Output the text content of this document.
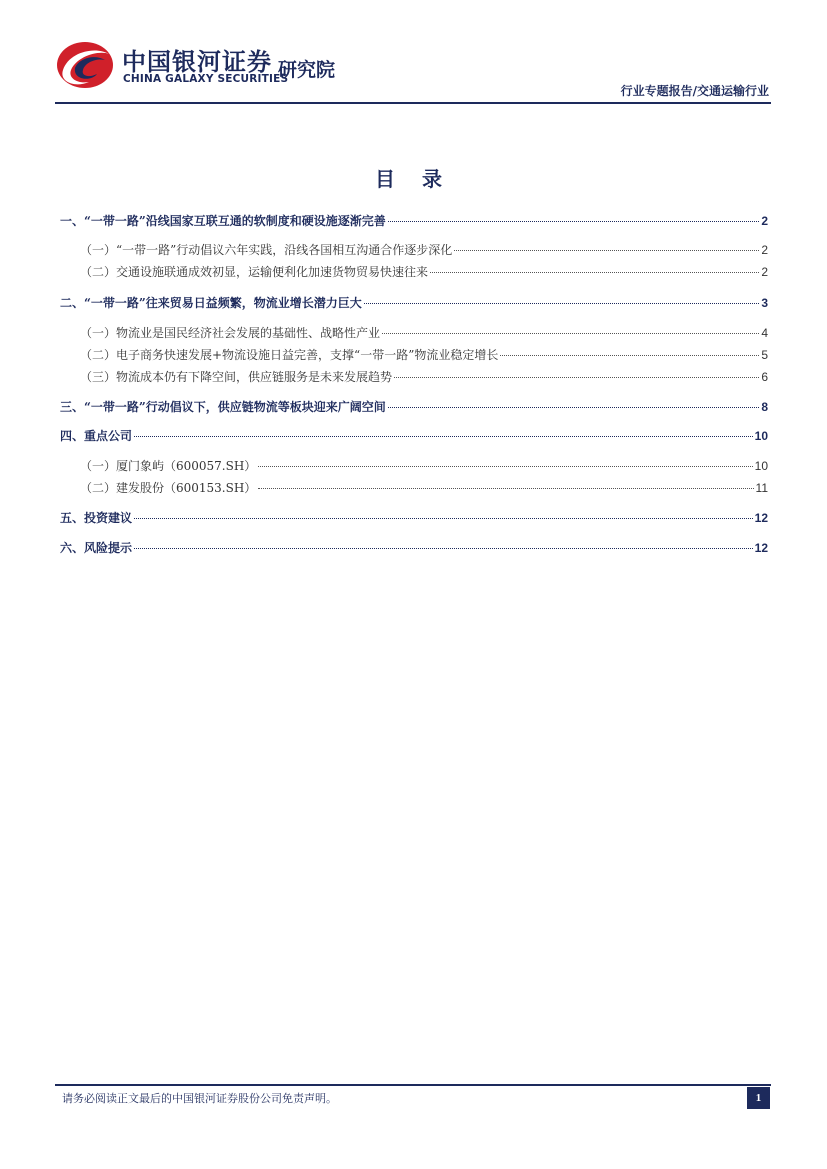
中国银河证券
CHINA GALAXY SECURITIES
研究院
行业专题报告/交通运输行业
目 录
一、“一带一路”沿线国家互联互通的软制度和硬设施逐渐完善	2
（一）“一带一路”行动倡议六年实践，沿线各国相互沟通合作逐步深化	2
（二）交通设施联通成效初显，运输便利化加速货物贸易快速往来	2
二、“一带一路”往来贸易日益频繁，物流业增长潜力巨大	3
（一）物流业是国民经济社会发展的基础性、战略性产业	4
（二）电子商务快速发展+物流设施日益完善，支撑“一带一路”物流业稳定增长	5
（三）物流成本仍有下降空间，供应链服务是未来发展趋势	6
三、“一带一路”行动倡议下，供应链物流等板块迎来广阔空间	8
四、重点公司	10
（一）厦门象屿（600057.SH）	10
（二）建发股份（600153.SH）	11
五、投资建议	12
六、风险提示	12
请务必阅读正文最后的中国银河证券股份公司免责声明。	1
